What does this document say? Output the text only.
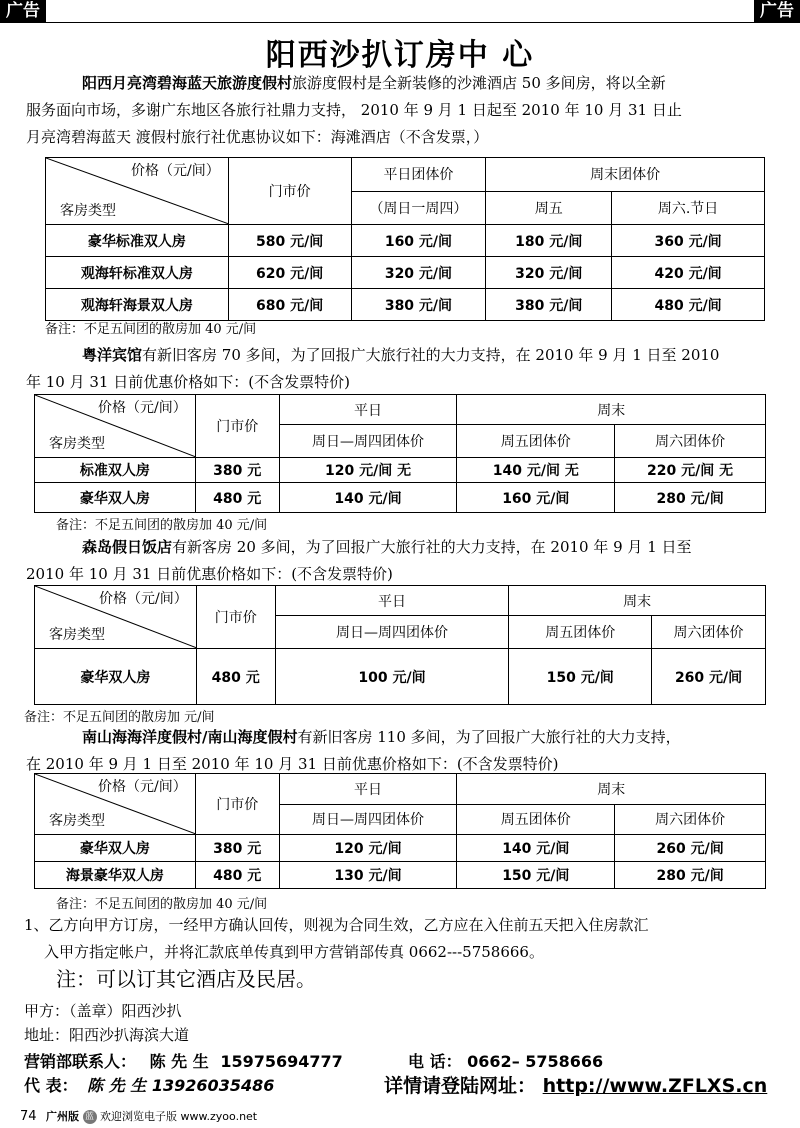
广告	广告
阳西沙扒订房中 心
阳西月亮湾碧海蓝天旅游度假村旅游度假村是全新装修的沙滩酒店 50 多间房，将以全新
服务面向市场，多谢广东地区各旅行社鼎力支持， 2010 年 9 月 1 日起至 2010 年 10 月 31 日止
月亮湾碧海蓝天 渡假村旅行社优惠协议如下：海滩酒店（不含发票，）
价格（元/间）
客房类型	门市价	平日团体价	周末团体价	
		（周日一周四）	周五	周六.节日
豪华标准双人房	580 元/间	160 元/间	180 元/间	360 元/间
观海轩标准双人房	620 元/间	320 元/间	320 元/间	420 元/间
观海轩海景双人房	680 元/间	380 元/间	380 元/间	480 元/间
备注：不足五间团的散房加 40 元/间
粤洋宾馆有新旧客房 70 多间，为了回报广大旅行社的大力支持，在 2010 年 9 月 1 日至 2010
年 10 月 31 日前优惠价格如下：(不含发票特价)
价格（元/间）
客房类型	门市价	平日	周末	
		周日—周四团体价	周五团体价	周六团体价
标准双人房	380 元	120 元/间 无	140 元/间 无	220 元/间 无
豪华双人房	480 元	140 元/间	160 元/间	280 元/间
备注：不足五间团的散房加 40 元/间
森岛假日饭店有新客房 20 多间，为了回报广大旅行社的大力支持，在 2010 年 9 月 1 日至
2010 年 10 月 31 日前优惠价格如下：(不含发票特价)
价格（元/间）
客房类型	门市价	平日	周末	
		周日—周四团体价	周五团体价	周六团体价
豪华双人房	480 元	100 元/间	150 元/间	260 元/间
备注：不足五间团的散房加 元/间
南山海海洋度假村/南山海度假村有新旧客房 110 多间，为了回报广大旅行社的大力支持，
在 2010 年 9 月 1 日至 2010 年 10 月 31 日前优惠价格如下：(不含发票特价)
价格（元/间）
客房类型	门市价	平日	周末	
		周日—周四团体价	周五团体价	周六团体价
豪华双人房	380 元	120 元/间	140 元/间	260 元/间
海景豪华双人房	480 元	130 元/间	150 元/间	280 元/间
备注：不足五间团的散房加 40 元/间
1、乙方向甲方订房，一经甲方确认回传，则视为合同生效，乙方应在入住前五天把入住房款汇
入甲方指定帐户，并将汇款底单传真到甲方营销部传真 0662---5758666。
注：可以订其它酒店及民居。
甲方：（盖章）阳西沙扒
地址：阳西沙扒海滨大道
营销部联系人： 陈 先 生 15975694777	电 话： 0662– 5758666
代 表： 陈 先 生 13926035486	详情请登陆网址： http://www.ZFLXS.cn
74 广州版 蓝 欢迎浏览电子版 www.zyoo.net
